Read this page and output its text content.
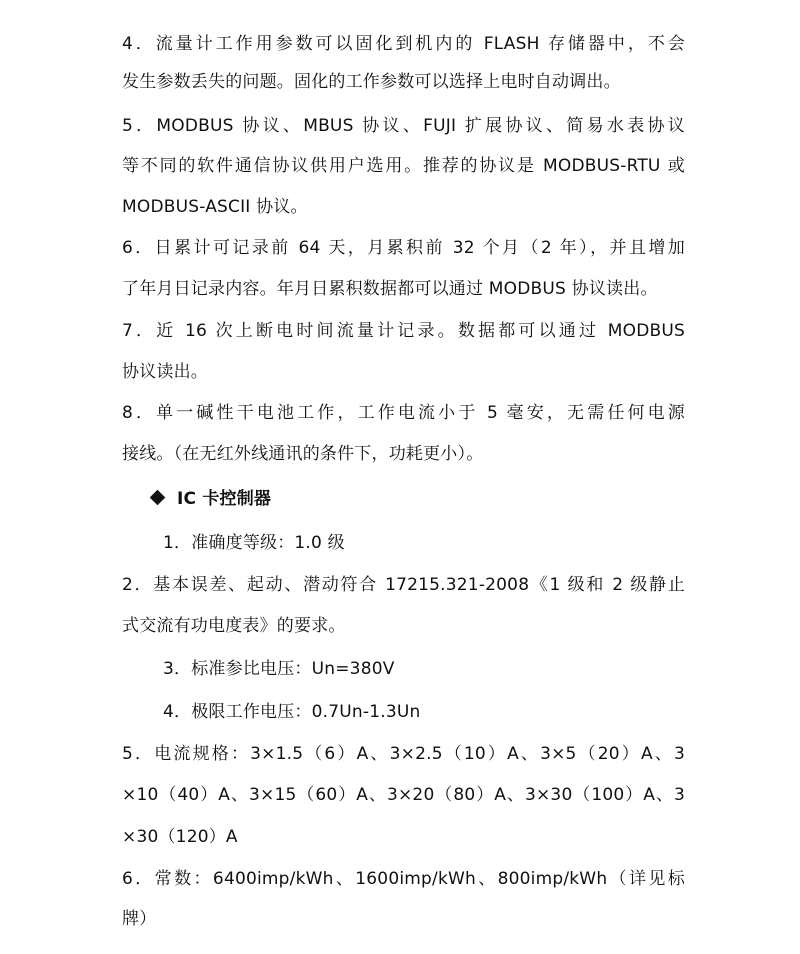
4．流量计工作用参数可以固化到机内的 FLASH 存储器中，不会
发生参数丢失的问题。固化的工作参数可以选择上电时自动调出。
5．MODBUS 协议、MBUS 协议、FUJI 扩展协议、简易水表协议
等不同的软件通信协议供用户选用。推荐的协议是 MODBUS-RTU 或
MODBUS-ASCII 协议。
6．日累计可记录前 64 天，月累积前 32 个月（2 年），并且增加
了年月日记录内容。年月日累积数据都可以通过 MODBUS 协议读出。
7．近 16 次上断电时间流量计记录。数据都可以通过 MODBUS
协议读出。
8．单一碱性干电池工作，工作电流小于 5 毫安，无需任何电源
接线。（在无红外线通讯的条件下，功耗更小）。
IC 卡控制器
1．准确度等级：1.0 级
2．基本误差、起动、潜动符合 17215.321-2008《1 级和 2 级静止
式交流有功电度表》的要求。
3．标准参比电压：Un=380V
4．极限工作电压：0.7Un-1.3Un
5．电流规格：3×1.5（6）A、3×2.5（10）A、3×5（20）A、3
×10（40）A、3×15（60）A、3×20（80）A、3×30（100）A、3
×30（120）A
6．常数：6400imp/kWh、1600imp/kWh、800imp/kWh（详见标
牌）
